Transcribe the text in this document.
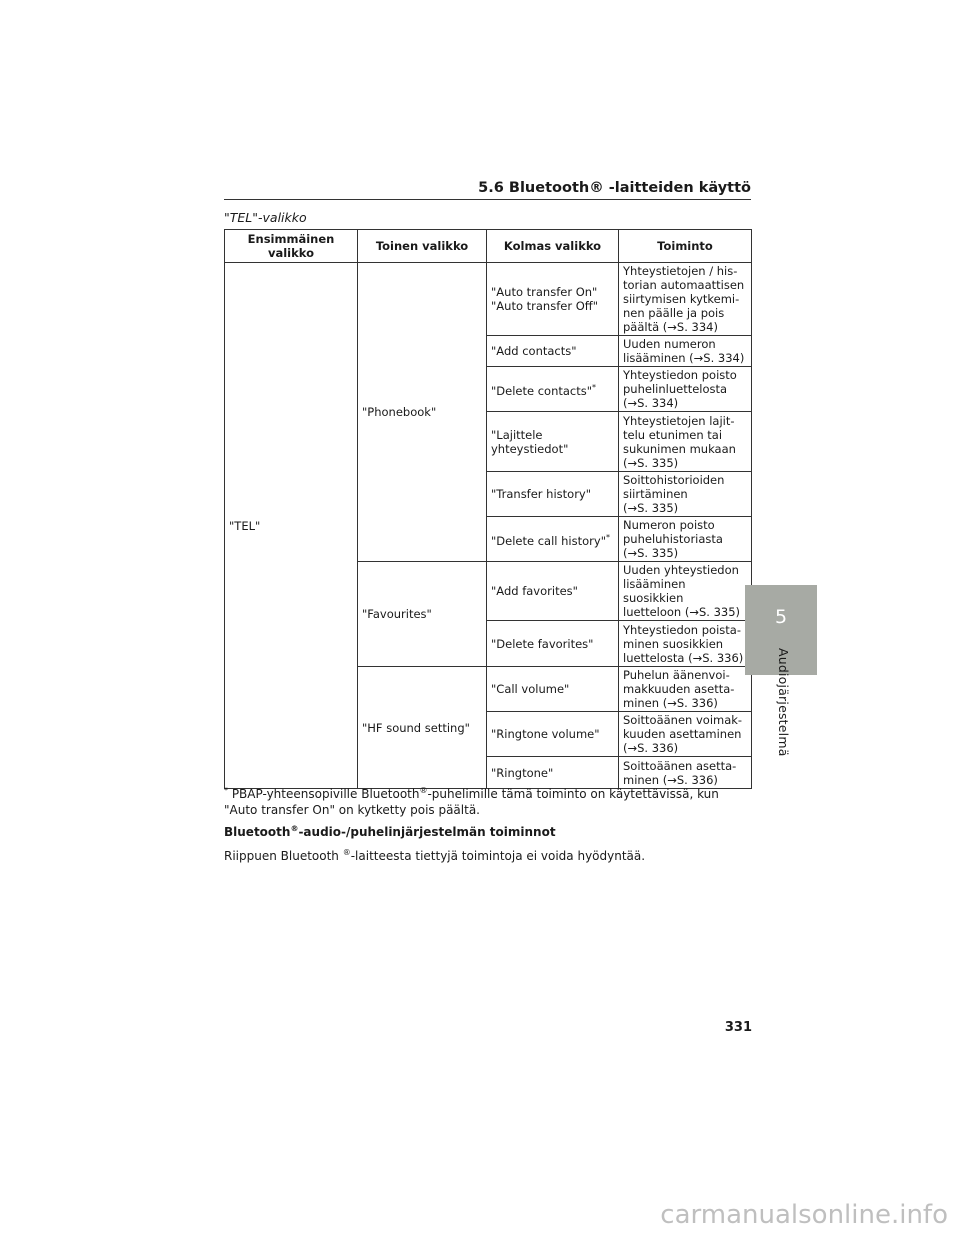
5.6 Bluetooth® -laitteiden käyttö
"TEL"-valikko
Ensimmäinen valikko	Toinen valikko	Kolmas valikko	Toiminto
"TEL"	"Phonebook"	"Auto transfer On"
"Auto transfer Off"	Yhteystietojen / his-
torian automaattisen
siirtymisen kytkemi-
nen päälle ja pois
päältä (→S. 334)
		"Add contacts"	Uuden numeron
lisääminen (→S. 334)
		"Delete contacts"*	Yhteystiedon poisto
puhelinluettelosta
(→S. 334)
		"Lajittele
yhteystiedot"	Yhteystietojen lajit-
telu etunimen tai
sukunimen mukaan
(→S. 335)
		"Transfer history"	Soittohistorioiden
siirtäminen
(→S. 335)
		"Delete call history"*	Numeron poisto
puheluhistoriasta
(→S. 335)
	"Favourites"	"Add favorites"	Uuden yhteystiedon
lisääminen suosikkien
luetteloon (→S. 335)
		"Delete favorites"	Yhteystiedon poista-
minen suosikkien
luettelosta (→S. 336)
	"HF sound setting"	"Call volume"	Puhelun äänenvoi-
makkuuden asetta-
minen (→S. 336)
		"Ringtone volume"	Soittoäänen voimak-
kuuden asettaminen
(→S. 336)
		"Ringtone"	Soittoäänen asetta-
minen (→S. 336)
* PBAP-yhteensopiville Bluetooth®-puhelimille tämä toiminto on käytettävissä, kun
"Auto transfer On" on kytketty pois päältä.
Bluetooth®-audio-/puhelinjärjestelmän toiminnot
Riippuen Bluetooth ®-laitteesta tiettyjä toimintoja ei voida hyödyntää.
5
Audiojärjestelmä
331
carmanualsonline.info
